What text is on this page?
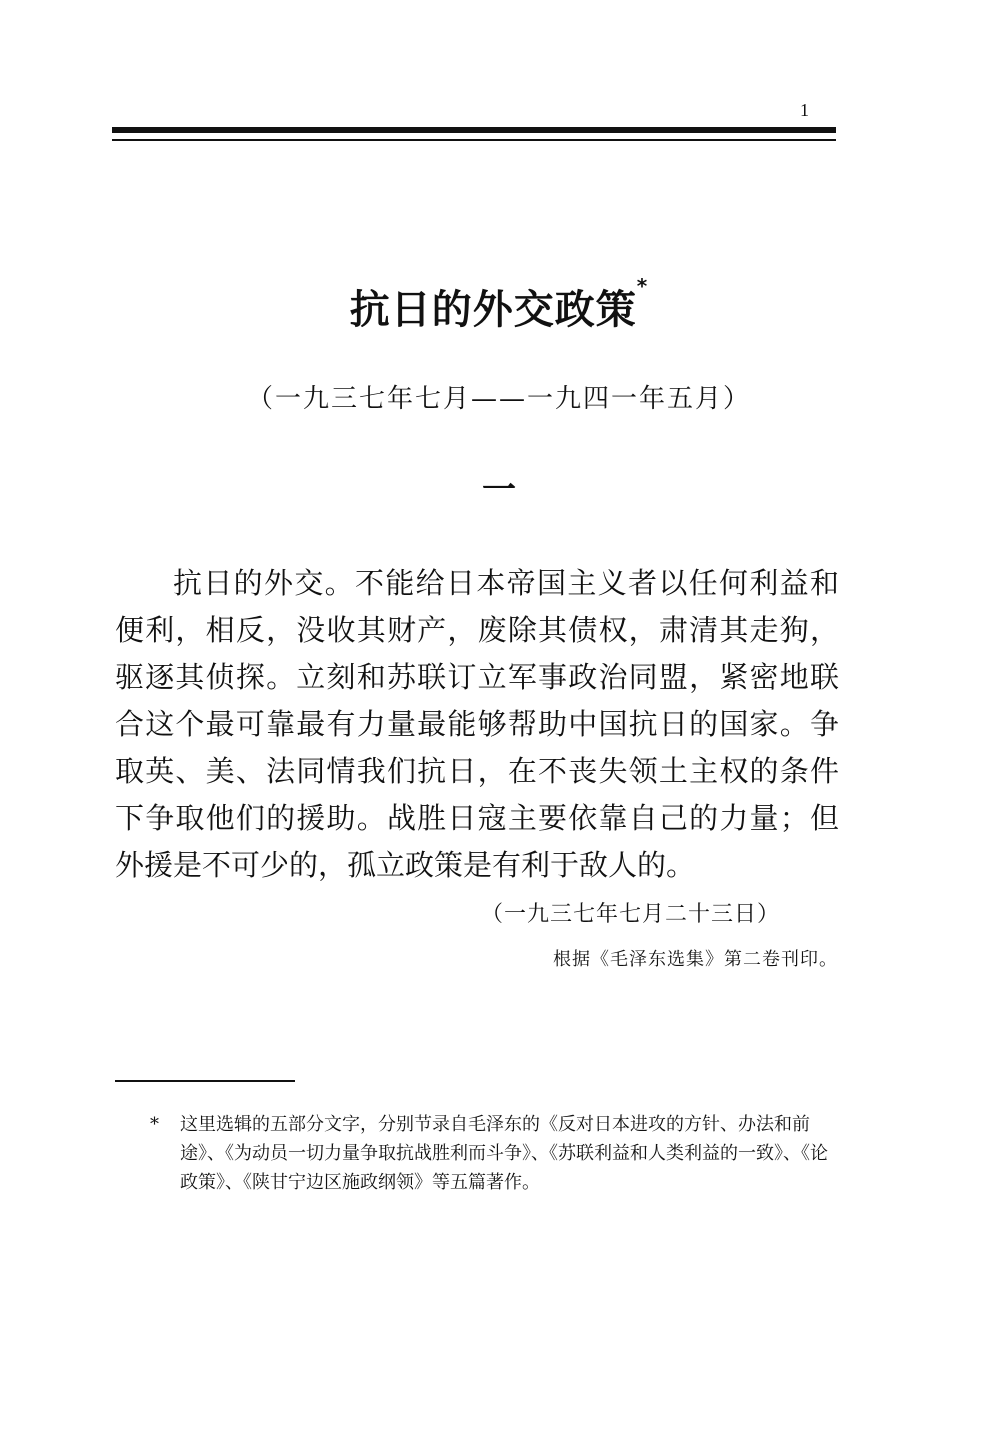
1
抗日的外交政策*
（一九三七年七月——一九四一年五月）
一

抗日的外交。不能给日本帝国主义者以任何利益和便利，相反，没收其财产，废除其债权，肃清其走狗，驱逐其侦探。立刻和苏联订立军事政治同盟，紧密地联合这个最可靠最有力量最能够帮助中国抗日的国家。争取英、美、法同情我们抗日，在不丧失领土主权的条件下争取他们的援助。战胜日寇主要依靠自己的力量；但外援是不可少的，孤立政策是有利于敌人的。

（一九三七年七月二十三日）
根据《毛泽东选集》第二卷刊印。
*	这里选辑的五部分文字，分别节录自毛泽东的《反对日本进攻的方针、办法和前途》、《为动员一切力量争取抗战胜利而斗争》、《苏联利益和人类利益的一致》、《论政策》、《陕甘宁边区施政纲领》等五篇著作。
